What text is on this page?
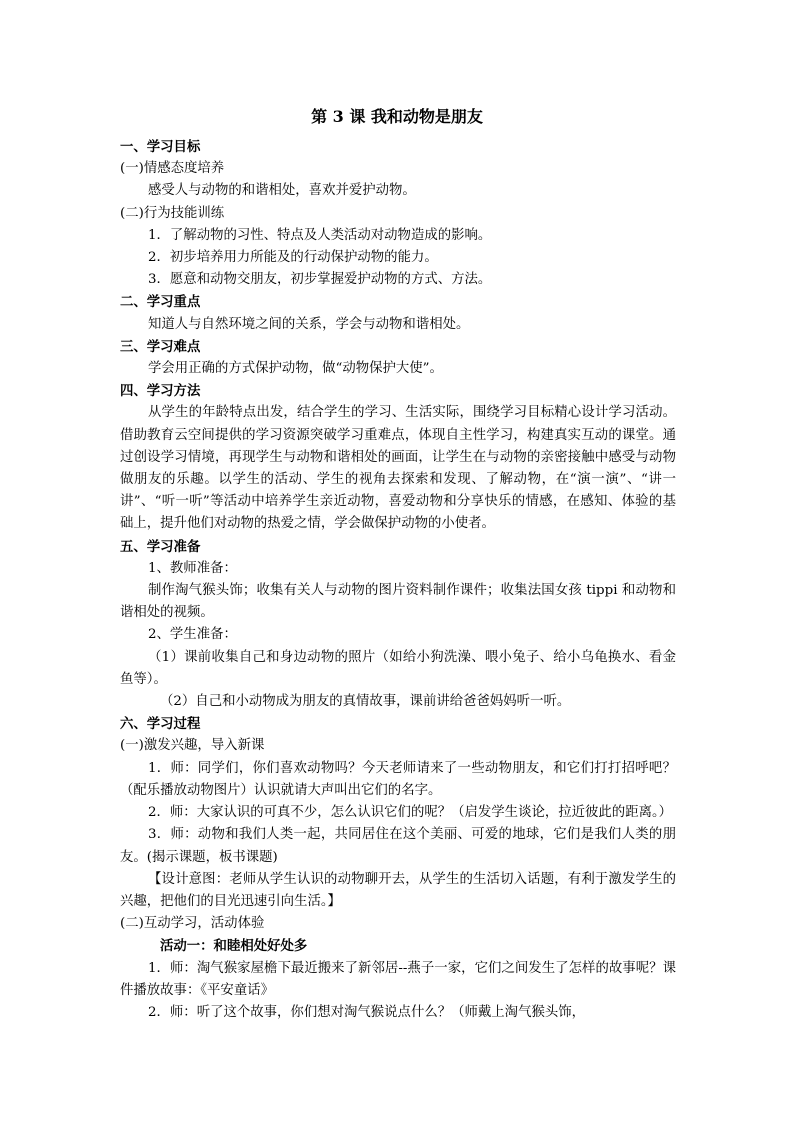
第 3 课 我和动物是朋友

一、学习目标

(一)情感态度培养

感受人与动物的和谐相处，喜欢并爱护动物。

(二)行为技能训练

1．了解动物的习性、特点及人类活动对动物造成的影响。

2．初步培养用力所能及的行动保护动物的能力。

3．愿意和动物交朋友，初步掌握爱护动物的方式、方法。

二、学习重点

知道人与自然环境之间的关系，学会与动物和谐相处。

三、学习难点

学会用正确的方式保护动物，做“动物保护大使”。

四、学习方法

从学生的年龄特点出发，结合学生的学习、生活实际，围绕学习目标精心设计学习活动。借助教育云空间提供的学习资源突破学习重难点，体现自主性学习，构建真实互动的课堂。通过创设学习情境，再现学生与动物和谐相处的画面，让学生在与动物的亲密接触中感受与动物做朋友的乐趣。以学生的活动、学生的视角去探索和发现、了解动物，在“演一演”、“讲一讲”、“听一听”等活动中培养学生亲近动物，喜爱动物和分享快乐的情感，在感知、体验的基础上，提升他们对动物的热爱之情，学会做保护动物的小使者。

五、学习准备

1、教师准备：

制作淘气猴头饰；收集有关人与动物的图片资料制作课件；收集法国女孩 tippi 和动物和谐相处的视频。

2、学生准备：

（1）课前收集自己和身边动物的照片（如给小狗洗澡、喂小兔子、给小乌龟换水、看金鱼等）。

（2）自己和小动物成为朋友的真情故事，课前讲给爸爸妈妈听一听。

六、学习过程

(一)激发兴趣，导入新课

1．师：同学们，你们喜欢动物吗？今天老师请来了一些动物朋友，和它们打打招呼吧？（配乐播放动物图片）认识就请大声叫出它们的名字。

2．师：大家认识的可真不少，怎么认识它们的呢？（启发学生谈论，拉近彼此的距离。）

3．师：动物和我们人类一起，共同居住在这个美丽、可爱的地球，它们是我们人类的朋友。(揭示课题，板书课题)

【设计意图：老师从学生认识的动物聊开去，从学生的生活切入话题，有利于激发学生的兴趣，把他们的目光迅速引向生活。】

(二)互动学习，活动体验

活动一：和睦相处好处多

1．师：淘气猴家屋檐下最近搬来了新邻居--燕子一家，它们之间发生了怎样的故事呢？课件播放故事：《平安童话》

2．师：听了这个故事，你们想对淘气猴说点什么？（师戴上淘气猴头饰，
